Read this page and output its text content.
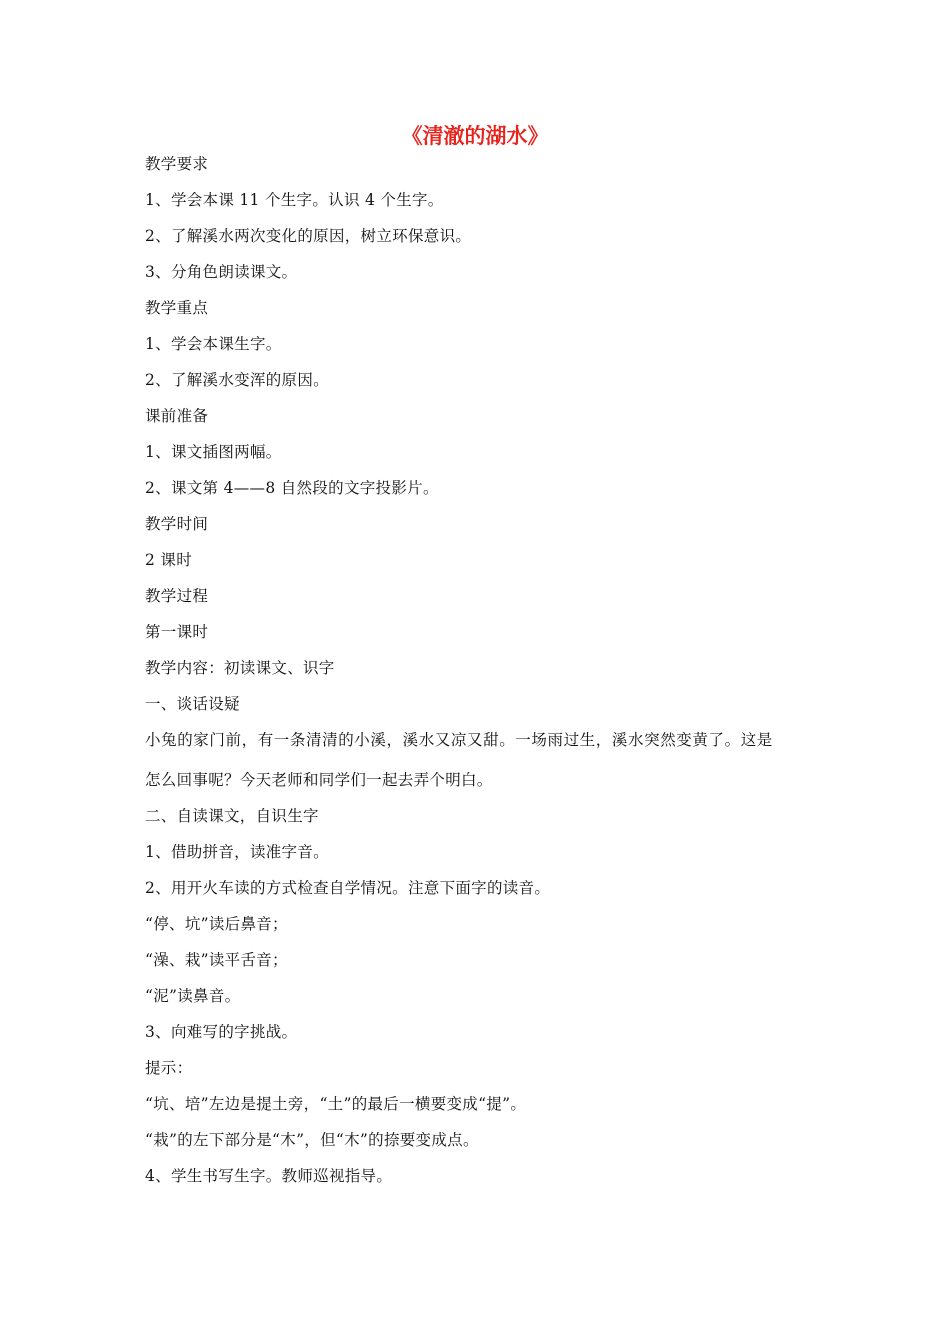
《清澈的湖水》
教学要求
1、学会本课 11 个生字。认识 4 个生字。
2、了解溪水两次变化的原因，树立环保意识。
3、分角色朗读课文。
教学重点
1、学会本课生字。
2、了解溪水变浑的原因。
课前准备
1、课文插图两幅。
2、课文第 4——8 自然段的文字投影片。
教学时间
2 课时
教学过程
第一课时
教学内容：初读课文、识字
一、谈话设疑
小兔的家门前，有一条清清的小溪，溪水又凉又甜。一场雨过生，溪水突然变黄了。这是
怎么回事呢？今天老师和同学们一起去弄个明白。
二、自读课文，自识生字
1、借助拼音，读准字音。
2、用开火车读的方式检查自学情况。注意下面字的读音。
“停、坑”读后鼻音；
“澡、栽”读平舌音；
“泥”读鼻音。
3、向难写的字挑战。
提示：
“坑、培”左边是提土旁，“土”的最后一横要变成“提”。
“栽”的左下部分是“木”，但“木”的捺要变成点。
4、学生书写生字。教师巡视指导。
